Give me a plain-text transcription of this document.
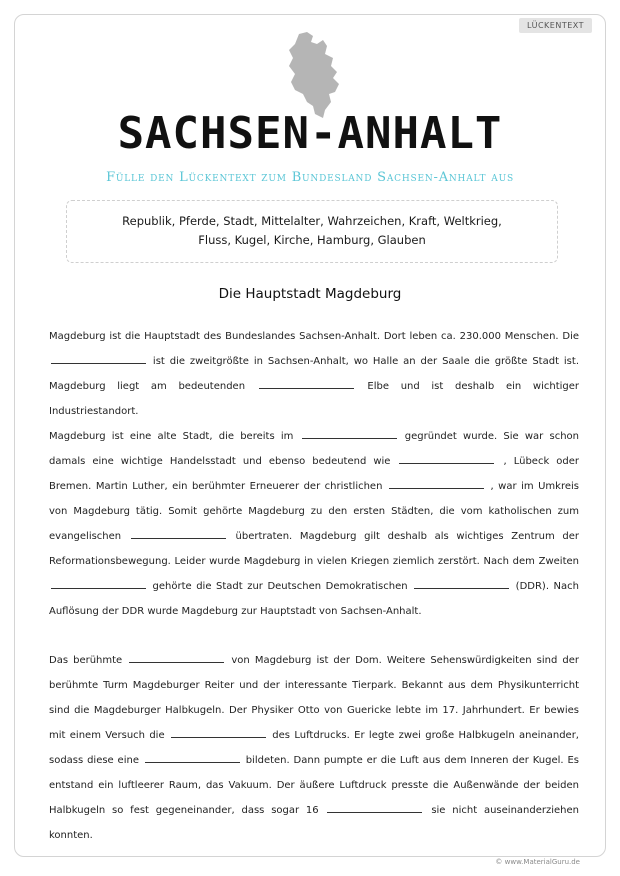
LÜCKENTEXT
SACHSEN-ANHALT
Fülle den Lückentext zum Bundesland Sachsen-Anhalt aus
Republik, Pferde, Stadt, Mittelalter, Wahrzeichen, Kraft, Weltkrieg,
Fluss, Kugel, Kirche, Hamburg, Glauben
Die Hauptstadt Magdeburg
Magdeburg ist die Hauptstadt des Bundeslandes Sachsen-Anhalt. Dort leben ca. 230.000 Menschen. Die  ist die zweitgrößte in Sachsen-Anhalt, wo Halle an der Saale die größte Stadt ist. Magdeburg liegt am bedeutenden	Elbe und ist deshalb ein wichtiger Industriestandort.
Magdeburg ist eine alte Stadt, die bereits im	gegründet wurde. Sie war schon damals eine wichtige Handelsstadt und ebenso bedeutend wie	, Lübeck oder Bremen. Martin Luther, ein berühmter Erneuerer der christlichen	, war im Umkreis von Magdeburg tätig. Somit gehörte Magdeburg zu den ersten Städten, die vom katholischen zum evangelischen	übertraten. Magdeburg gilt deshalb als wichtiges Zentrum der Reformationsbewegung. Leider wurde Magdeburg in vielen Kriegen ziemlich zerstört. Nach dem Zweiten  gehörte die Stadt zur Deutschen Demokratischen	(DDR). Nach Auflösung der DDR wurde Magdeburg zur Hauptstadt von Sachsen-Anhalt.
Das berühmte	von Magdeburg ist der Dom. Weitere Sehenswürdigkeiten sind der berühmte Turm Magdeburger Reiter und der interessante Tierpark. Bekannt aus dem Physikunterricht sind die Magdeburger Halbkugeln. Der Physiker Otto von Guericke lebte im 17. Jahrhundert. Er bewies mit einem Versuch die	des Luftdrucks. Er legte zwei große Halbkugeln aneinander, sodass diese eine	bildeten. Dann pumpte er die Luft aus dem Inneren der Kugel. Es entstand ein luftleerer Raum, das Vakuum. Der äußere Luftdruck presste die Außenwände der beiden Halbkugeln so fest gegeneinander, dass sogar 16	sie nicht auseinanderziehen konnten.
© www.MaterialGuru.de
